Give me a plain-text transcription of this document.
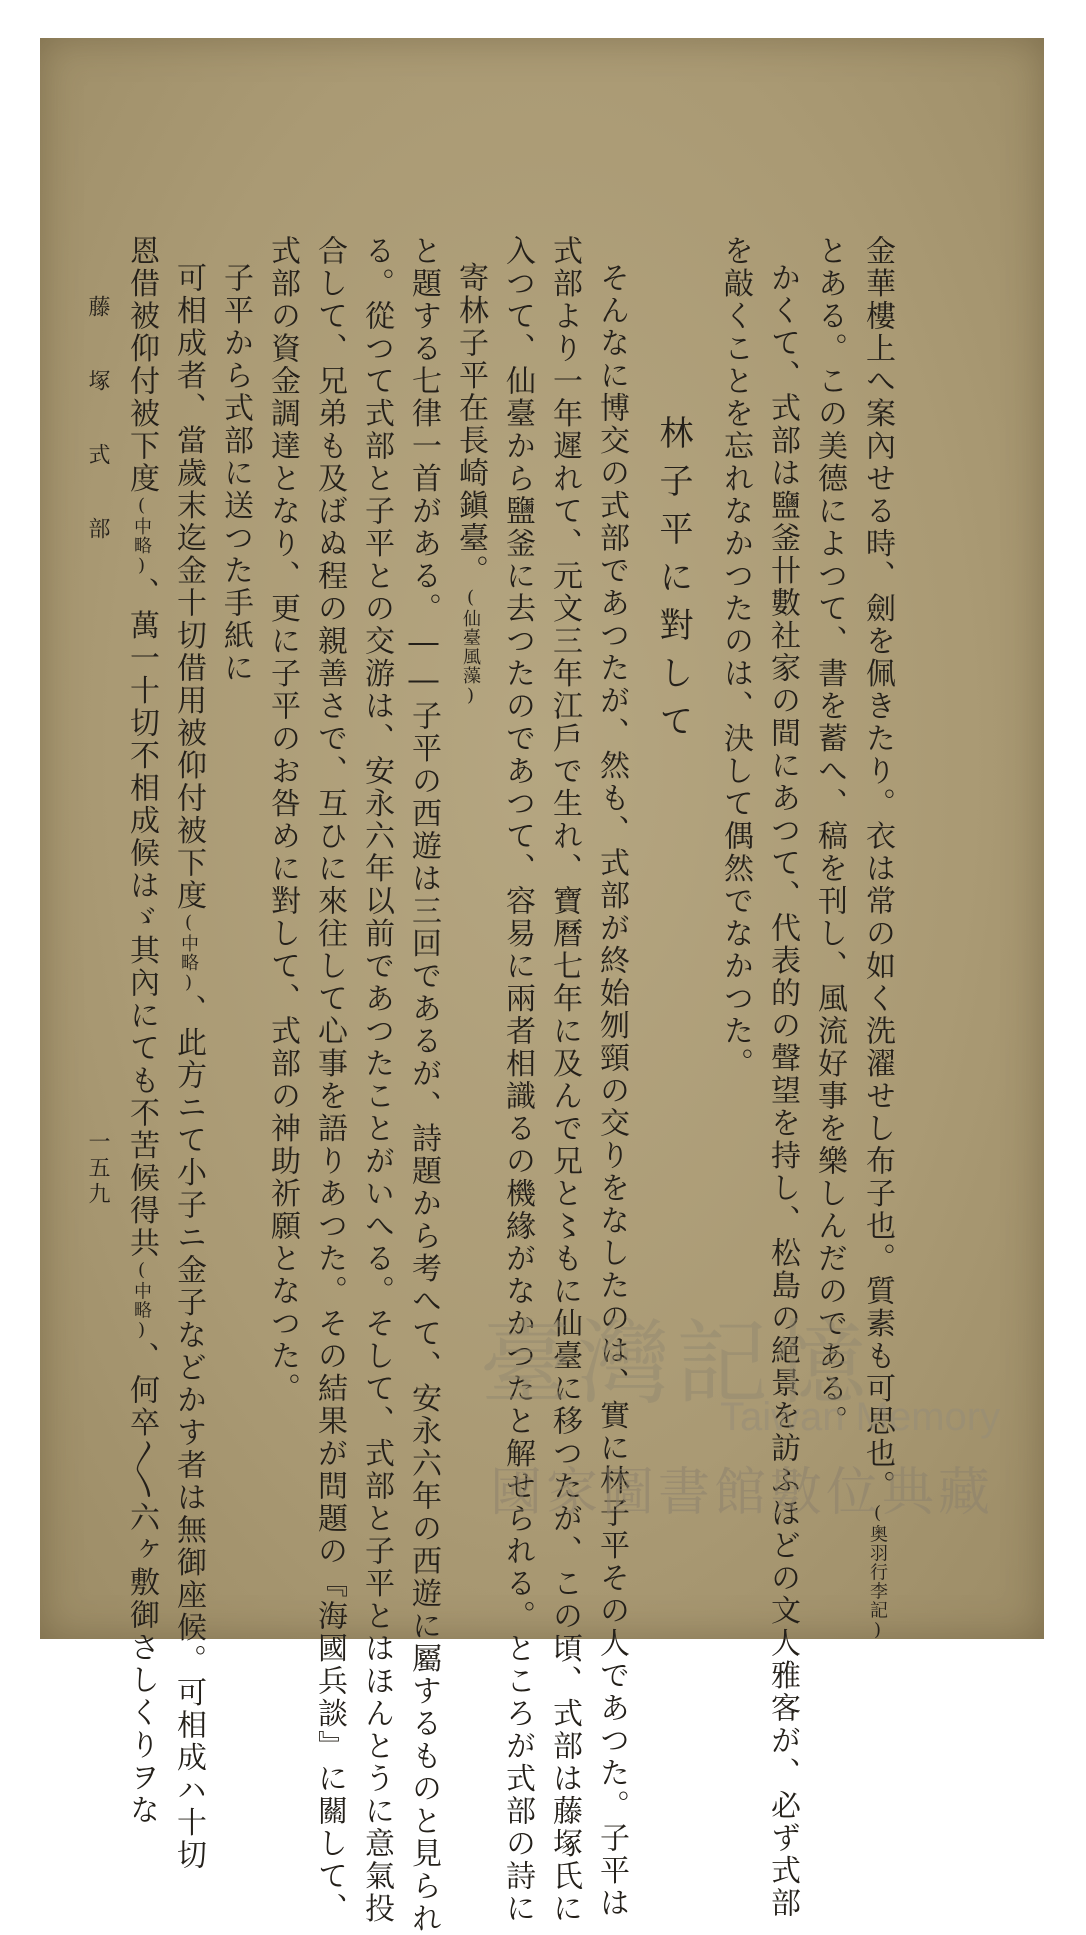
金華樓上へ案內せる時、劍を佩きたり。衣は常の如く洗濯せし布子也。質素も可思也。(奥羽行李記)
とある。この美德によつて、書を蓄へ、稿を刊し、風流好事を樂しんだのである。
かくて、式部は鹽釜卄數社家の間にあつて、代表的の聲望を持し、松島の絕景を訪ふほどの文人雅客が、必ず式部
を敲くことを忘れなかつたのは、決して偶然でなかつた。
林子平に對して
そんなに博交の式部であつたが、然も、式部が終始刎頸の交りをなしたのは、實に林子平その人であつた。子平は
式部より一年遲れて、元文三年江戶で生れ、寶曆七年に及んで兄と〻もに仙臺に移つたが、この頃、式部は藤塚氏に
入つて、仙臺から鹽釜に去つたのであつて、容易に兩者相識るの機緣がなかつたと解せられる。ところが式部の詩に
寄林子平在長崎鎭臺。(仙臺風藻)
と題する七律一首がある。――子平の西遊は三回であるが、詩題から考へて、安永六年の西遊に屬するものと見られ
る。從つて式部と子平との交游は、安永六年以前であつたことがいへる。そして、式部と子平とはほんとうに意氣投
合して、兄弟も及ばぬ程の親善さで、互ひに來往して心事を語りあつた。その結果が問題の『海國兵談』に關して、
式部の資金調達となり、更に子平のお咎めに對して、式部の神助祈願となつた。
子平から式部に送つた手紙に
可相成者、當歲末迄金十切借用被仰付被下度(中略)、此方ニて小子ニ金子などかす者は無御座候。可相成ハ十切
恩借被仰付被下度(中略)、萬一十切不相成候はゞ其內にても不苦候得共(中略)、何卒〳〵六ヶ敷御さしくりヲな
藤塚式部
一五九
臺灣記憶
Taiwan Memory
國家圖書館數位典藏
